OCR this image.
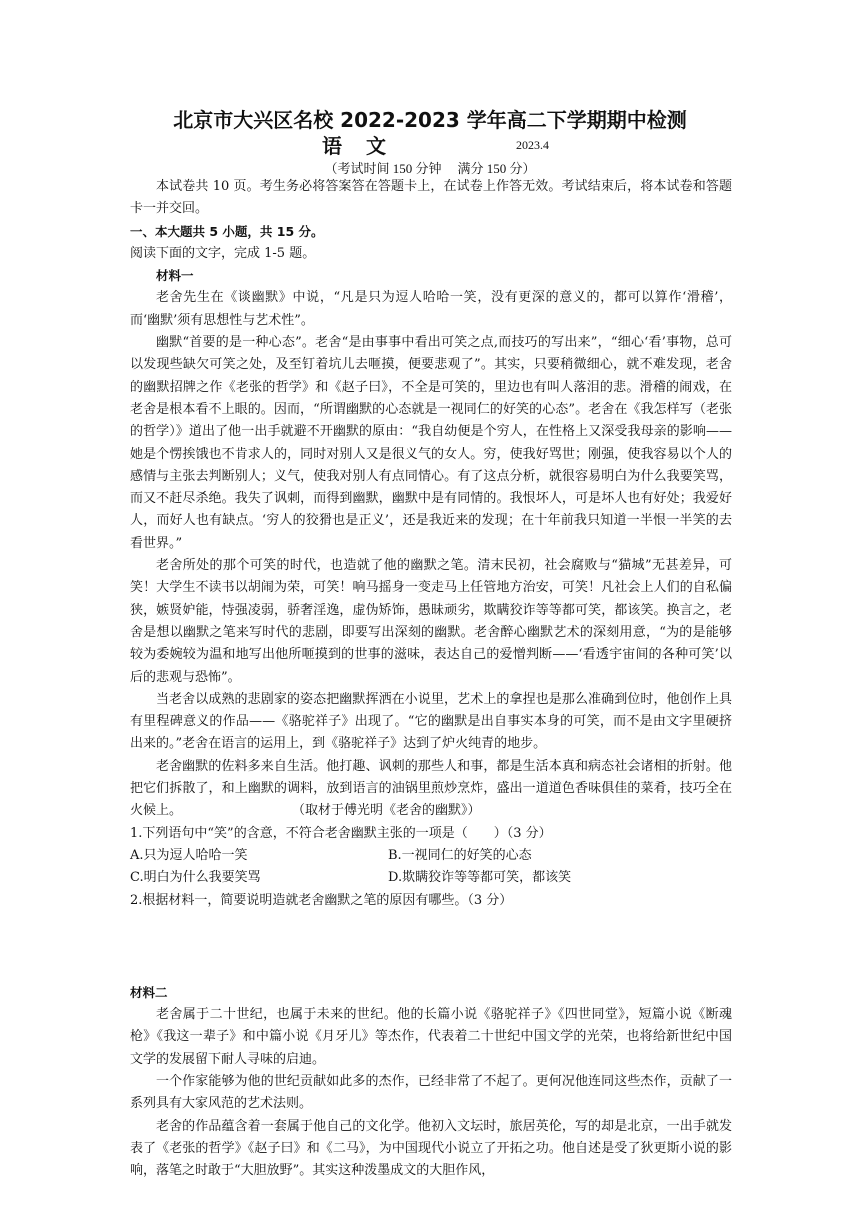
北京市大兴区名校 2022-2023 学年高二下学期期中检测
语文	2023.4
（考试时间 150 分钟 满分 150 分）

本试卷共 10 页。考生务必将答案答在答题卡上，在试卷上作答无效。考试结束后，将本试卷和答题卡一并交回。

一、本大题共 5 小题，共 15 分。

阅读下面的文字，完成 1-5 题。

材料一

老舍先生在《谈幽默》中说，“凡是只为逗人哈哈一笑，没有更深的意义的，都可以算作‘滑稽’，而‘幽默’须有思想性与艺术性”。

幽默“首要的是一种心态”。老舍“是由事事中看出可笑之点,而技巧的写出来”，“细心‘看’事物，总可以发现些缺欠可笑之处，及至钉着坑儿去咂摸，便要悲观了”。其实，只要稍微细心，就不难发现，老舍的幽默招牌之作《老张的哲学》和《赵子曰》，不全是可笑的，里边也有叫人落泪的悲。滑稽的闹戏，在老舍是根本看不上眼的。因而，“所谓幽默的心态就是一视同仁的好笑的心态”。老舍在《我怎样写（老张的哲学）》道出了他一出手就避不开幽默的原由：“我自幼便是个穷人，在性格上又深受我母亲的影响——她是个愣挨饿也不肯求人的，同时对别人又是很义气的女人。穷，使我好骂世；刚强，使我容易以个人的感情与主张去判断别人；义气，使我对别人有点同情心。有了这点分析，就很容易明白为什么我要笑骂，而又不赶尽杀绝。我失了讽刺，而得到幽默，幽默中是有同情的。我恨坏人，可是坏人也有好处；我爱好人，而好人也有缺点。‘穷人的狡猾也是正义’，还是我近来的发现；在十年前我只知道一半恨一半笑的去看世界。”

老舍所处的那个可笑的时代，也造就了他的幽默之笔。清末民初，社会腐败与“猫城”无甚差异，可笑！大学生不读书以胡闹为荣，可笑！响马摇身一变走马上任管地方治安，可笑！凡社会上人们的自私偏狭，嫉贤妒能，恃强凌弱，骄奢淫逸，虚伪矫饰，愚昧顽劣，欺瞒狡诈等等都可笑，都该笑。换言之，老舍是想以幽默之笔来写时代的悲剧，即要写出深刻的幽默。老舍醉心幽默艺术的深刻用意，“为的是能够较为委婉较为温和地写出他所咂摸到的世事的滋味，表达自己的爱憎判断——‘看透宇宙间的各种可笑’以后的悲观与恐怖”。

当老舍以成熟的悲剧家的姿态把幽默挥洒在小说里，艺术上的拿捏也是那么准确到位时，他创作上具有里程碑意义的作品——《骆驼祥子》出现了。“它的幽默是出自事实本身的可笑，而不是由文字里硬挤出来的。”老舍在语言的运用上，到《骆驼祥子》达到了炉火纯青的地步。

老舍幽默的佐料多来自生活。他打趣、讽刺的那些人和事，都是生活本真和病态社会诸相的折射。他把它们拆散了，和上幽默的调料，放到语言的油锅里煎炒烹炸，盛出一道道色香味俱佳的菜肴，技巧全在火候上。	（取材于傅光明《老舍的幽默》）

1.下列语句中“笑”的含意，不符合老舍幽默主张的一项是（　　）（3 分）

A.只为逗人哈哈一笑	B.一视同仁的好笑的心态
C.明白为什么我要笑骂	D.欺瞒狡诈等等都可笑，都该笑

2.根据材料一，简要说明造就老舍幽默之笔的原因有哪些。（3 分）

材料二

老舍属于二十世纪，也属于未来的世纪。他的长篇小说《骆驼祥子》《四世同堂》，短篇小说《断魂枪》《我这一辈子》和中篇小说《月牙儿》等杰作，代表着二十世纪中国文学的光荣，也将给新世纪中国文学的发展留下耐人寻味的启迪。

一个作家能够为他的世纪贡献如此多的杰作，已经非常了不起了。更何况他连同这些杰作，贡献了一系列具有大家风范的艺术法则。

老舍的作品蕴含着一套属于他自己的文化学。他初入文坛时，旅居英伦，写的却是北京，一出手就发表了《老张的哲学》《赵子曰》和《二马》，为中国现代小说立了开拓之功。他自述是受了狄更斯小说的影响，落笔之时敢于“大胆放野”。其实这种泼墨成文的大胆作风，
